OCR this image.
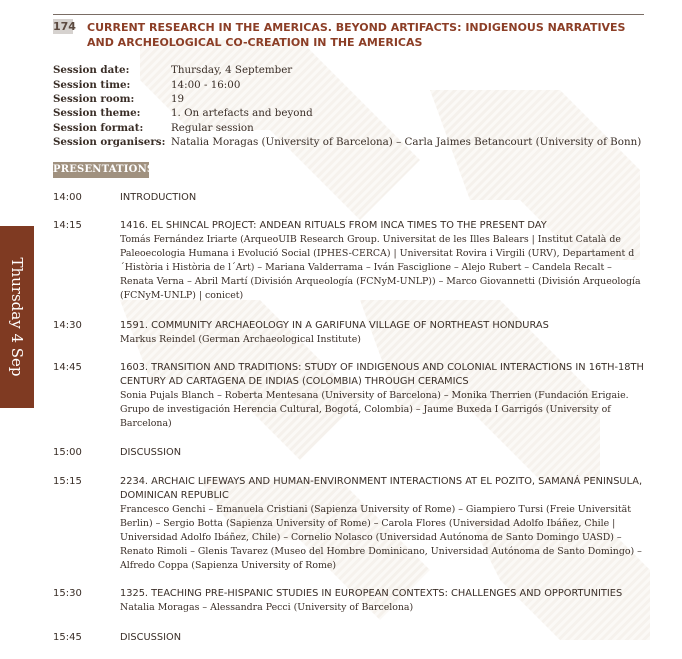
174 CURRENT RESEARCH IN THE AMERICAS. BEYOND ARTIFACTS: INDIGENOUS NARRATIVES AND ARCHEOLOGICAL CO-CREATION IN THE AMERICAS
Session date:	Thursday, 4 September
Session time:	14:00 - 16:00
Session room:	19
Session theme:	1. On artefacts and beyond
Session format:	Regular session
Session organisers: Natalia Moragas (University of Barcelona) – Carla Jaimes Betancourt (University of Bonn)
PRESENTATIONS
14:00	INTRODUCTION

14:15	1416. EL SHINCAL PROJECT: ANDEAN RITUALS FROM INCA TIMES TO THE PRESENT DAY

Tomás Fernández Iriarte (ArqueoUIB Research Group. Universitat de les Illes Balears | Institut Català de Paleoecologia Humana i Evolució Social (IPHES-CERCA) | Universitat Rovira i Virgili (URV), Departament d´Història i Història de l´Art) – Mariana Valderrama – Iván Fasciglione – Alejo Rubert – Candela Recalt – Renata Verna – Abril Martí (División Arqueología (FCNyM-UNLP)) – Marco Giovannetti (División Arqueología (FCNyM-UNLP) | conicet)

14:30	1591. COMMUNITY ARCHAEOLOGY IN A GARIFUNA VILLAGE OF NORTHEAST HONDURAS

Markus Reindel (German Archaeological Institute)

14:45	1603. TRANSITION AND TRADITIONS: STUDY OF INDIGENOUS AND COLONIAL INTERACTIONS IN 16TH-18TH CENTURY AD CARTAGENA DE INDIAS (COLOMBIA) THROUGH CERAMICS

Sonia Pujals Blanch – Roberta Mentesana (University of Barcelona) – Monika Therrien (Fundación Erigaie. Grupo de investigación Herencia Cultural, Bogotá, Colombia) – Jaume Buxeda I Garrigós (University of Barcelona)

15:00	DISCUSSION

15:15	2234. ARCHAIC LIFEWAYS AND HUMAN-ENVIRONMENT INTERACTIONS AT EL POZITO, SAMANÁ PENINSULA, DOMINICAN REPUBLIC

Francesco Genchi – Emanuela Cristiani (Sapienza University of Rome) – Giampiero Tursi (Freie Universität Berlin) – Sergio Botta (Sapienza University of Rome) – Carola Flores (Universidad Adolfo Ibáñez, Chile | Universidad Adolfo Ibáñez, Chile) – Cornelio Nolasco (Universidad Autónoma de Santo Domingo UASD) – Renato Rimoli – Glenis Tavarez (Museo del Hombre Dominicano, Universidad Autónoma de Santo Domingo) – Alfredo Coppa (Sapienza University of Rome)

15:30	1325. TEACHING PRE-HISPANIC STUDIES IN EUROPEAN CONTEXTS: CHALLENGES AND OPPORTUNITIES

Natalia Moragas – Alessandra Pecci (University of Barcelona)

15:45	DISCUSSION

Thursday 4 Sep
